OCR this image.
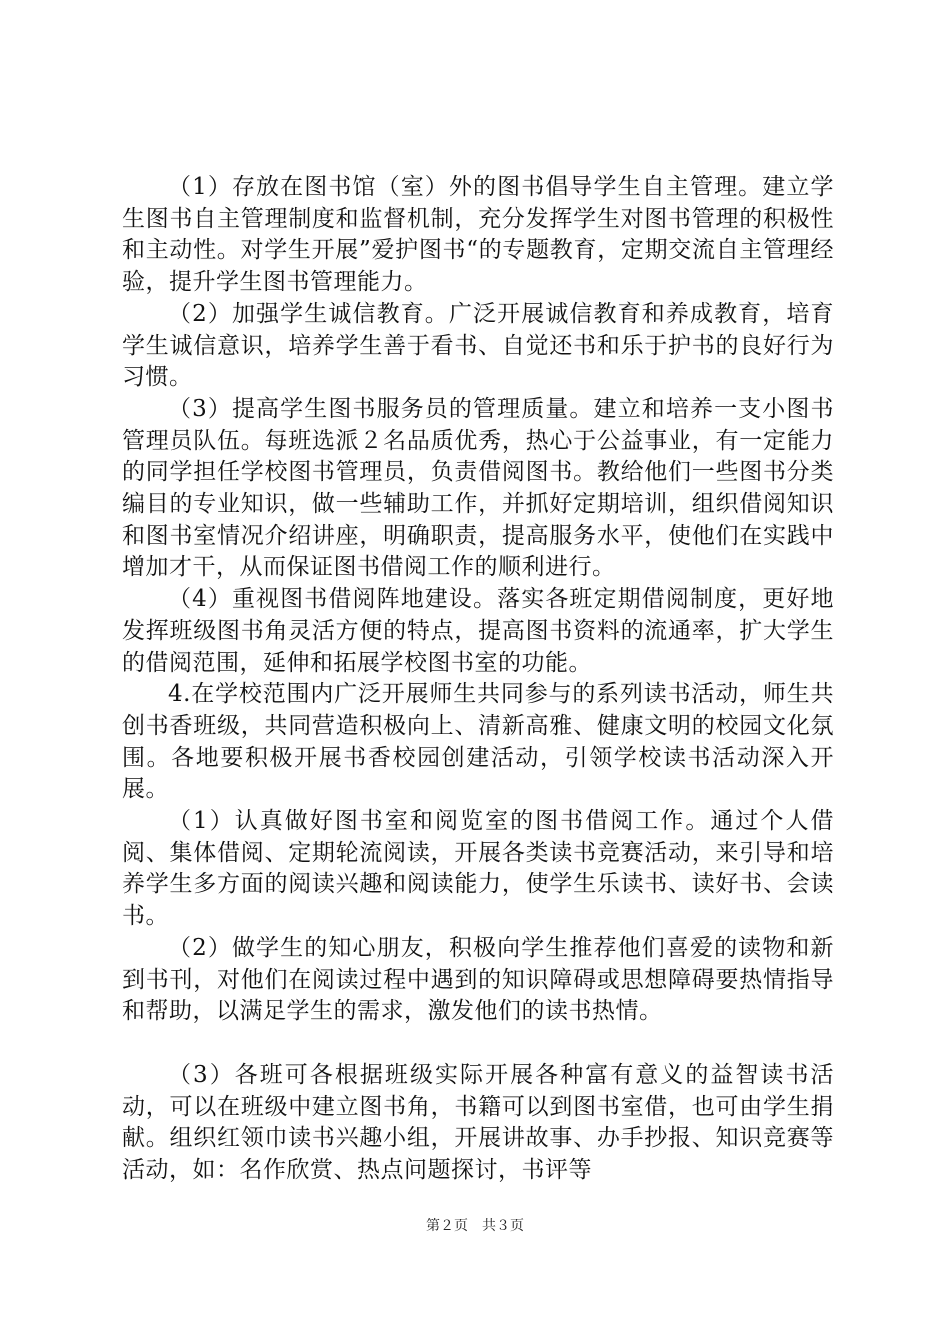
（1）存放在图书馆（室）外的图书倡导学生自主管理。建立学生图书自主管理制度和监督机制，充分发挥学生对图书管理的积极性和主动性。对学生开展”爱护图书“的专题教育，定期交流自主管理经验，提升学生图书管理能力。

（2）加强学生诚信教育。广泛开展诚信教育和养成教育，培育学生诚信意识，培养学生善于看书、自觉还书和乐于护书的良好行为习惯。

（3）提高学生图书服务员的管理质量。建立和培养一支小图书管理员队伍。每班选派２名品质优秀，热心于公益事业，有一定能力的同学担任学校图书管理员，负责借阅图书。教给他们一些图书分类编目的专业知识，做一些辅助工作，并抓好定期培训，组织借阅知识和图书室情况介绍讲座，明确职责，提高服务水平，使他们在实践中增加才干，从而保证图书借阅工作的顺利进行。

（4）重视图书借阅阵地建设。落实各班定期借阅制度，更好地发挥班级图书角灵活方便的特点，提高图书资料的流通率，扩大学生的借阅范围，延伸和拓展学校图书室的功能。

4.在学校范围内广泛开展师生共同参与的系列读书活动，师生共创书香班级，共同营造积极向上、清新高雅、健康文明的校园文化氛围。各地要积极开展书香校园创建活动，引领学校读书活动深入开展。

（1）认真做好图书室和阅览室的图书借阅工作。通过个人借阅、集体借阅、定期轮流阅读，开展各类读书竞赛活动，来引导和培养学生多方面的阅读兴趣和阅读能力，使学生乐读书、读好书、会读书。

（2）做学生的知心朋友，积极向学生推荐他们喜爱的读物和新到书刊，对他们在阅读过程中遇到的知识障碍或思想障碍要热情指导和帮助，以满足学生的需求，激发他们的读书热情。

（3）各班可各根据班级实际开展各种富有意义的益智读书活动，可以在班级中建立图书角，书籍可以到图书室借，也可由学生捐献。组织红领巾读书兴趣小组，开展讲故事、办手抄报、知识竞赛等活动，如：名作欣赏、热点问题探讨，书评等

第２页　共３页
